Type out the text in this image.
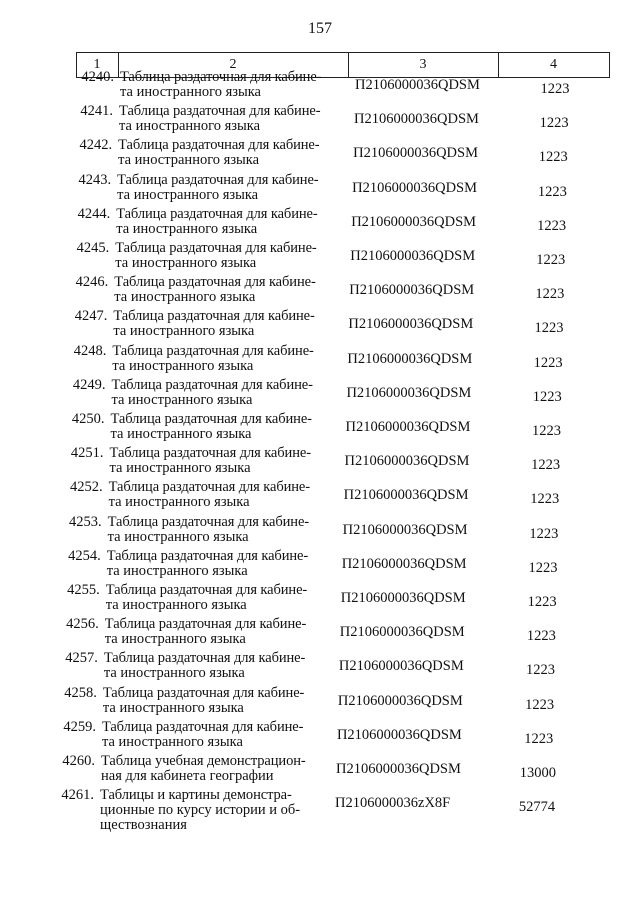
157
1	2	3	4
4240. Таблица раздаточная для кабине-
та иностранного языка	П2106000036QDSM	1223
4241. Таблица раздаточная для кабине-
та иностранного языка	П2106000036QDSM	1223
4242. Таблица раздаточная для кабине-
та иностранного языка	П2106000036QDSM	1223
4243. Таблица раздаточная для кабине-
та иностранного языка	П2106000036QDSM	1223
4244. Таблица раздаточная для кабине-
та иностранного языка	П2106000036QDSM	1223
4245. Таблица раздаточная для кабине-
та иностранного языка	П2106000036QDSM	1223
4246. Таблица раздаточная для кабине-
та иностранного языка	П2106000036QDSM	1223
4247. Таблица раздаточная для кабине-
та иностранного языка	П2106000036QDSM	1223
4248. Таблица раздаточная для кабине-
та иностранного языка	П2106000036QDSM	1223
4249. Таблица раздаточная для кабине-
та иностранного языка	П2106000036QDSM	1223
4250. Таблица раздаточная для кабине-
та иностранного языка	П2106000036QDSM	1223
4251. Таблица раздаточная для кабине-
та иностранного языка	П2106000036QDSM	1223
4252. Таблица раздаточная для кабине-
та иностранного языка	П2106000036QDSM	1223
4253. Таблица раздаточная для кабине-
та иностранного языка	П2106000036QDSM	1223
4254. Таблица раздаточная для кабине-
та иностранного языка	П2106000036QDSM	1223
4255. Таблица раздаточная для кабине-
та иностранного языка	П2106000036QDSM	1223
4256. Таблица раздаточная для кабине-
та иностранного языка	П2106000036QDSM	1223
4257. Таблица раздаточная для кабине-
та иностранного языка	П2106000036QDSM	1223
4258. Таблица раздаточная для кабине-
та иностранного языка	П2106000036QDSM	1223
4259. Таблица раздаточная для кабине-
та иностранного языка	П2106000036QDSM	1223
4260. Таблица учебная демонстрацион-
ная для кабинета географии	П2106000036QDSM	13000
4261. Таблицы и картины демонстра-
ционные по курсу истории и об-
ществознания
П2106000036zX8F	52774
